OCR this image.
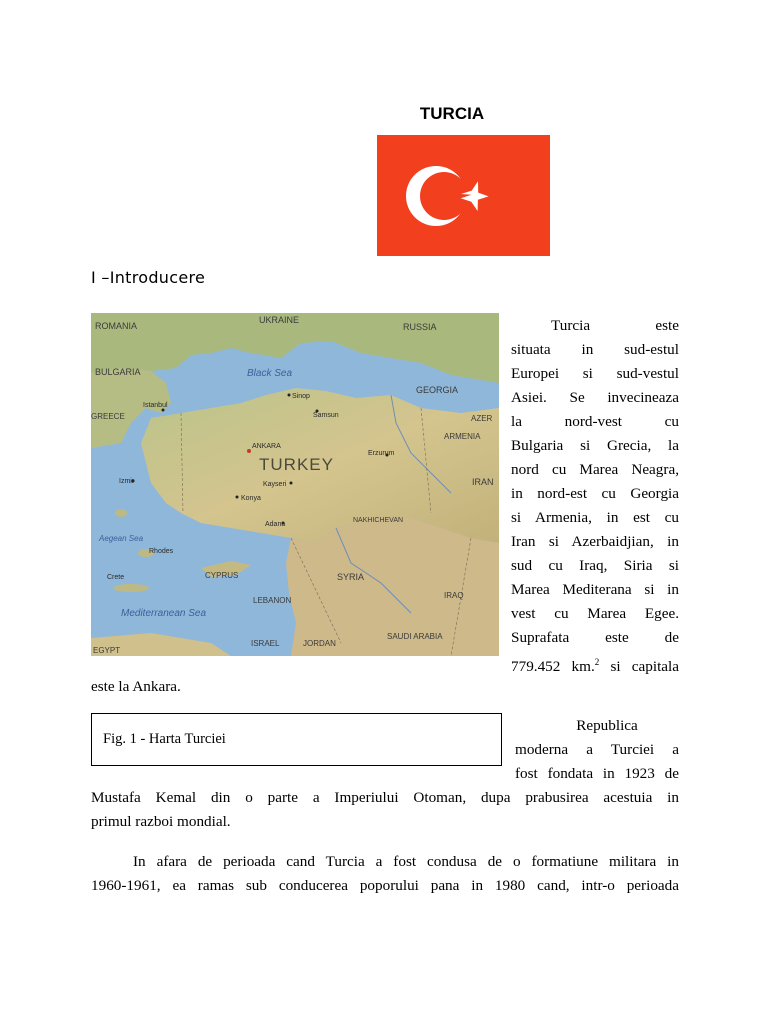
TURCIA
I –Introducere
ROMANIA
UKRAINE
RUSSIA
BULGARIA
GEORGIA
GREECE
ARMENIA
AZER
IRAN
CYPRUS	SYRIA
LEBANON
IRAQ
ISRAEL	JORDAN
SAUDI ARABIA
EGYPT
NAKHICHEVAN
Black Sea
Mediterranean Sea
Aegean Sea
TURKEY
ANKARA
Istanbul
Izmir
Sinop
Samsun
Konya
Kayseri
Adana
Erzurum
Rhodes
Crete
Turcia este
situata in sud-estul
Europei si sud-vestul
Asiei. Se invecineaza
la nord-vest cu
Bulgaria si Grecia, la
nord cu Marea Neagra,
in nord-est cu Georgia
si Armenia, in est cu
Iran si Azerbaidjian, in
sud cu Iraq, Siria si
Marea Mediterana si in
vest cu Marea Egee.
Suprafata este de
779.452 km.$^2$ si capitala
este la Ankara.
Fig. 1 - Harta Turciei
Republica
moderna a Turciei a
fost fondata in 1923 de
Mustafa Kemal din o parte a Imperiului Otoman, dupa prabusirea acestuia in
primul razboi mondial.
In afara de perioada cand Turcia a fost condusa de o formatiune militara in
1960-1961, ea ramas sub conducerea poporului pana in 1980 cand, intr-o perioada
